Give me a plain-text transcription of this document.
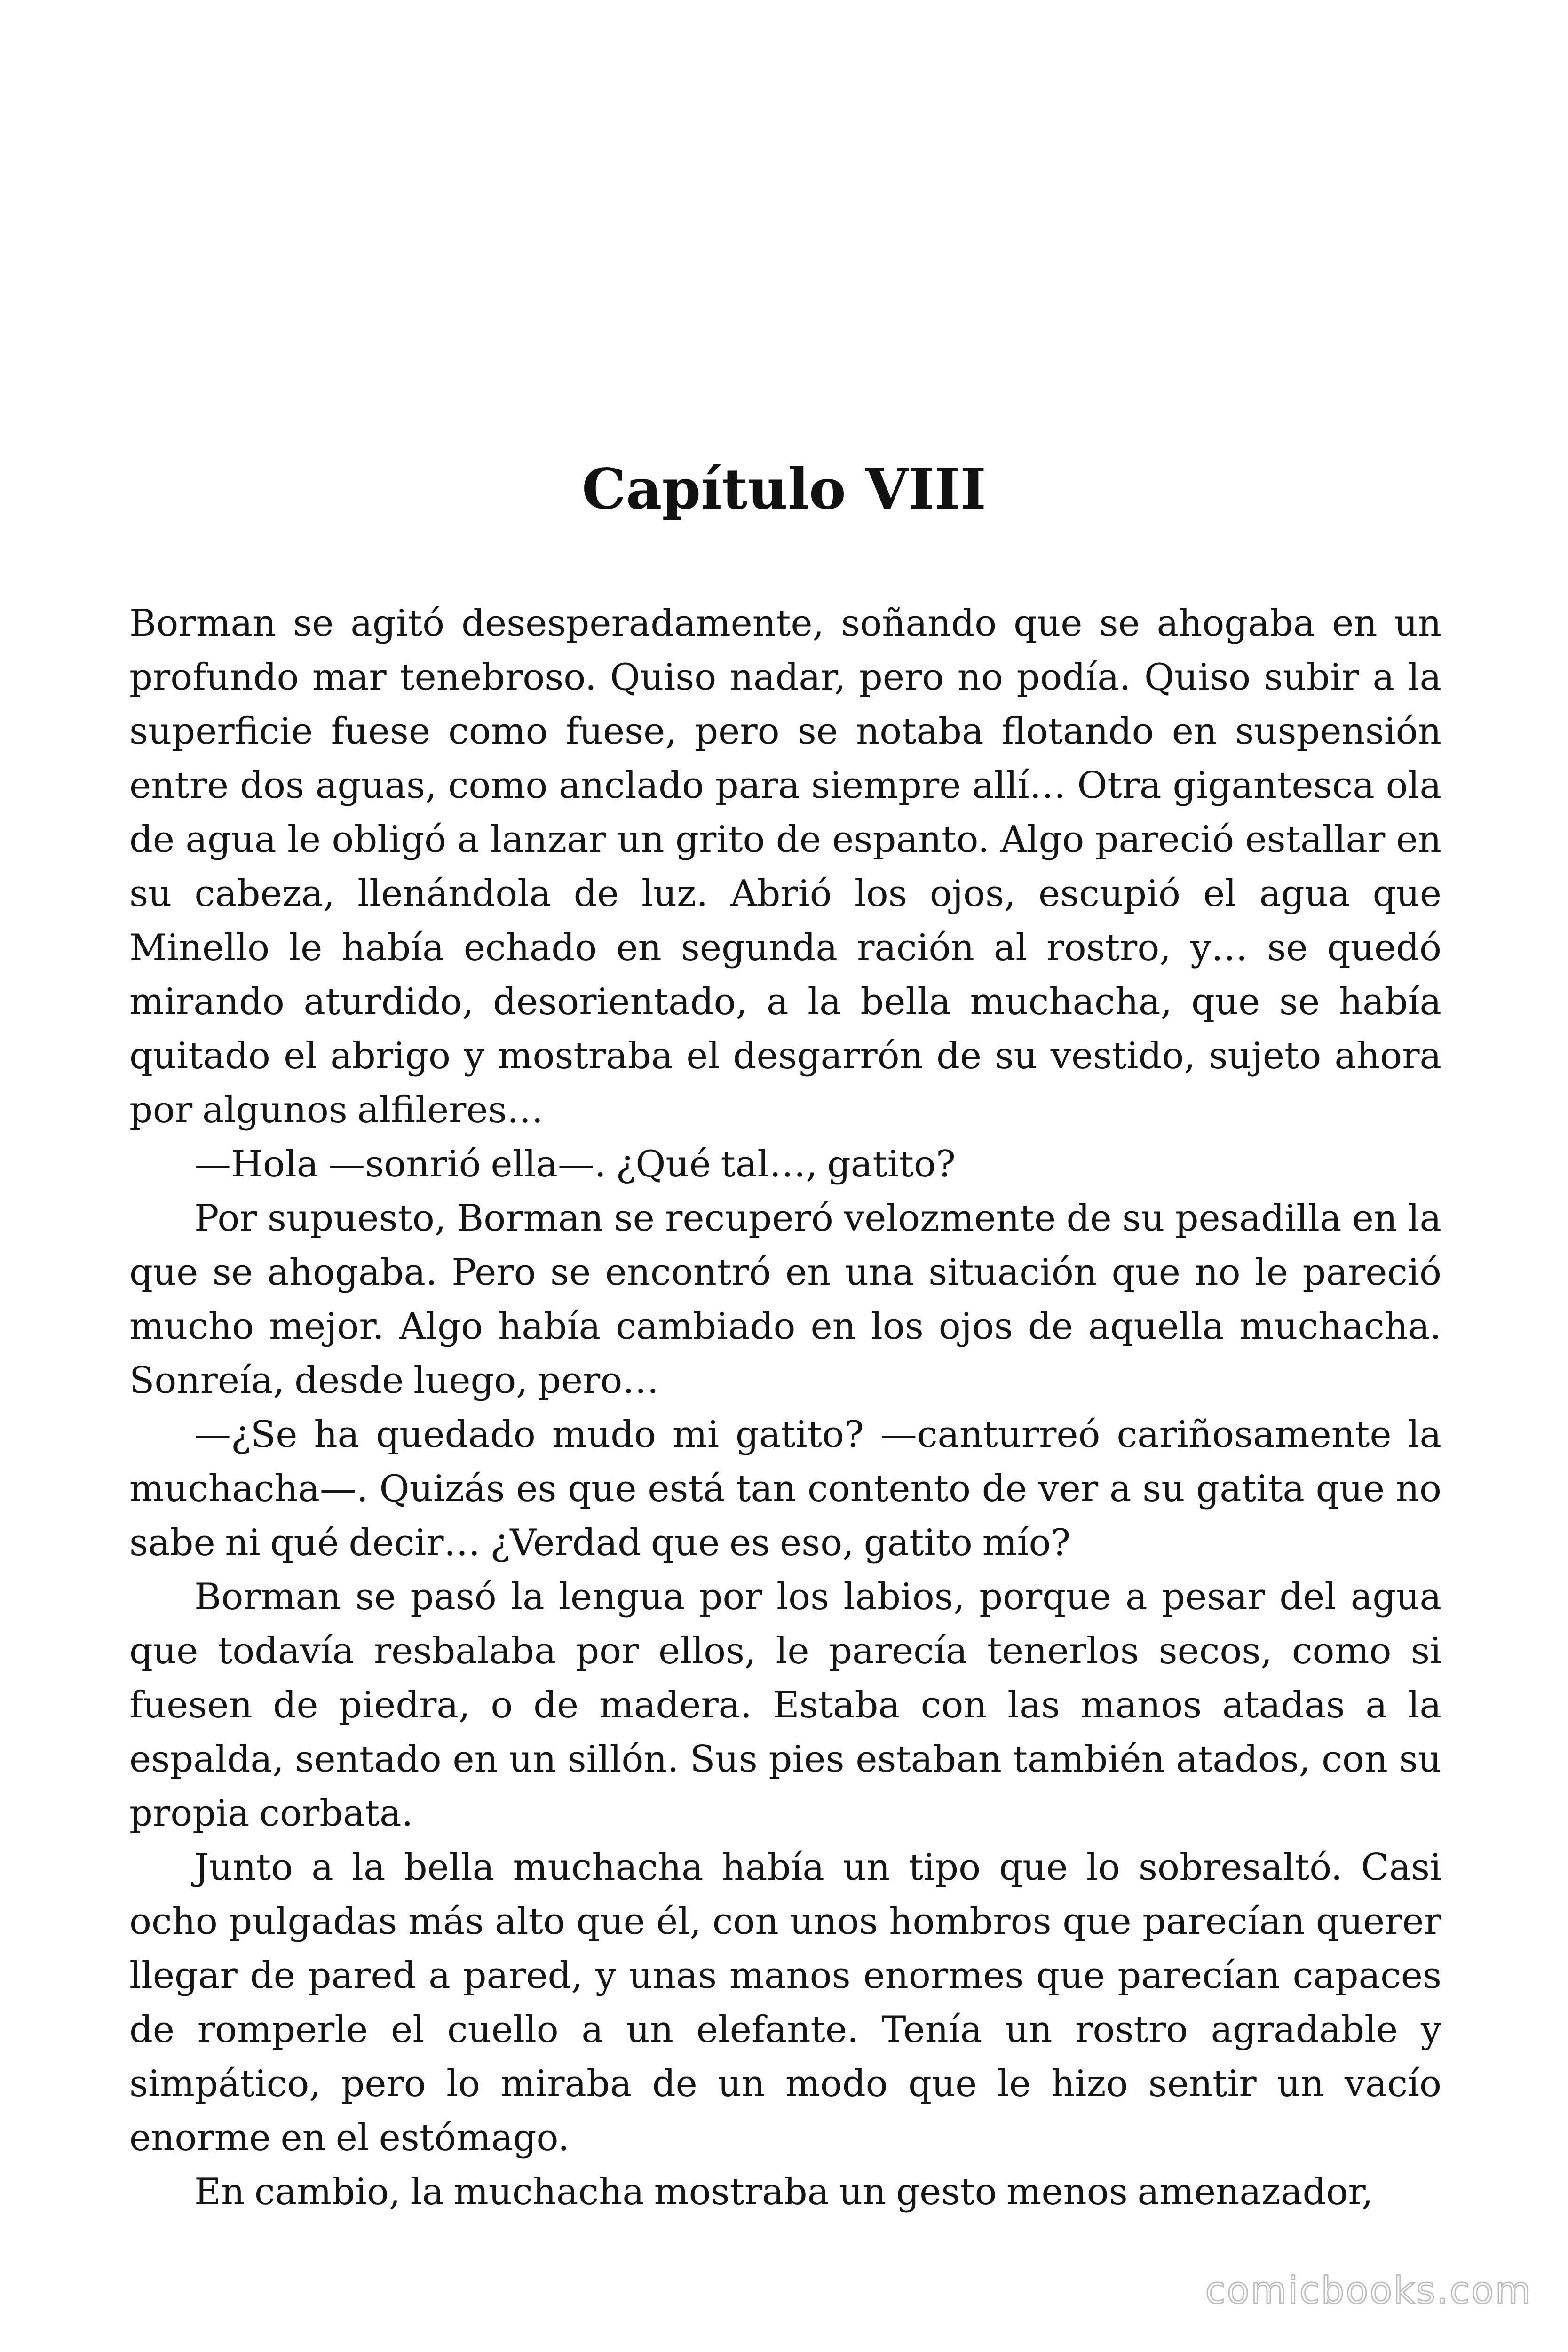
Capítulo VIII

Borman se agitó desesperadamente, soñando que se ahogaba en un profundo mar tenebroso. Quiso nadar, pero no podía. Quiso subir a la superficie fuese como fuese, pero se notaba flotando en suspensión entre dos aguas, como anclado para siempre allí… Otra gigantesca ola de agua le obligó a lanzar un grito de espanto. Algo pareció estallar en su cabeza, llenándola de luz. Abrió los ojos, escupió el agua que Minello le había echado en segunda ración al rostro, y… se quedó mirando aturdido, desorientado, a la bella muchacha, que se había quitado el abrigo y mostraba el desgarrón de su vestido, sujeto ahora por algunos alfileres…

—Hola —sonrió ella—. ¿Qué tal…, gatito?

Por supuesto, Borman se recuperó velozmente de su pesadilla en la que se ahogaba. Pero se encontró en una situación que no le pareció mucho mejor. Algo había cambiado en los ojos de aquella muchacha. Sonreía, desde luego, pero…

—¿Se ha quedado mudo mi gatito? —canturreó cariñosamente la muchacha—. Quizás es que está tan contento de ver a su gatita que no sabe ni qué decir… ¿Verdad que es eso, gatito mío?

Borman se pasó la lengua por los labios, porque a pesar del agua que todavía resbalaba por ellos, le parecía tenerlos secos, como si fuesen de piedra, o de madera. Estaba con las manos atadas a la espalda, sentado en un sillón. Sus pies estaban también atados, con su propia corbata.

Junto a la bella muchacha había un tipo que lo sobresaltó. Casi ocho pulgadas más alto que él, con unos hombros que parecían querer llegar de pared a pared, y unas manos enormes que parecían capaces de romperle el cuello a un elefante. Tenía un rostro agradable y simpático, pero lo miraba de un modo que le hizo sentir un vacío enorme en el estómago.

En cambio, la muchacha mostraba un gesto menos amenazador,

comicbooks.com
